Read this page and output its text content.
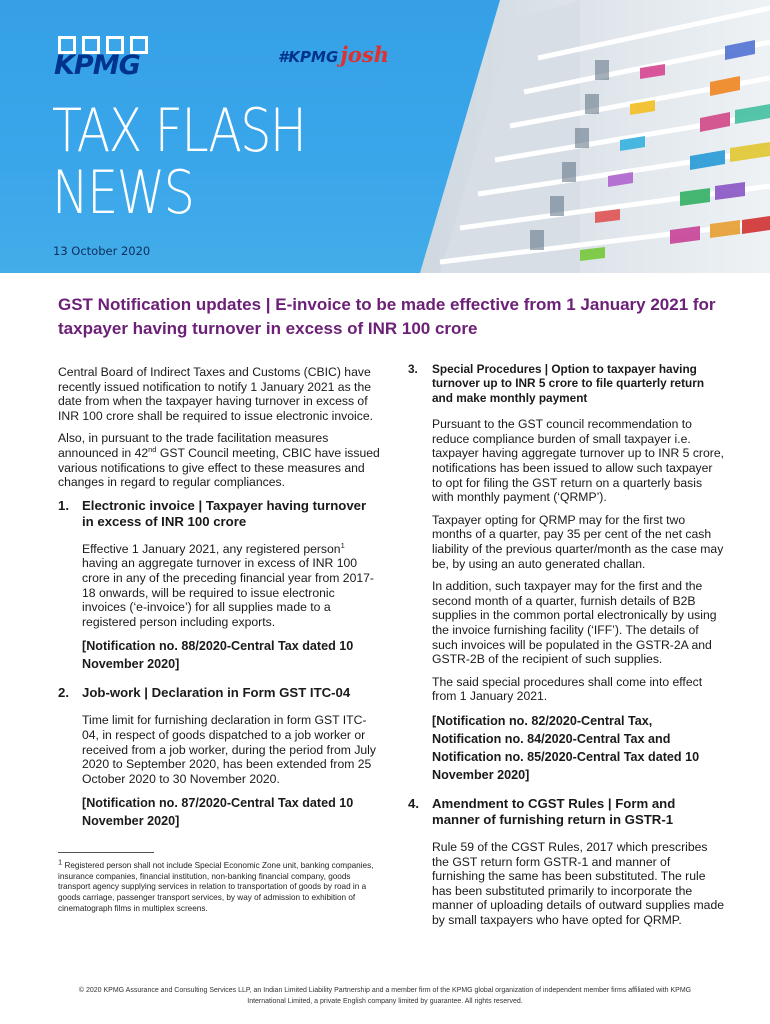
KPMG	#KPMGjosh
TAX FLASH
NEWS
13 October 2020
GST Notification updates | E-invoice to be made effective from 1 January 2021 for taxpayer having turnover in excess of INR 100 crore

Central Board of Indirect Taxes and Customs (CBIC) have recently issued notification to notify 1 January 2021 as the date from when the taxpayer having turnover in excess of INR 100 crore shall be required to issue electronic invoice.

Also, in pursuant to the trade facilitation measures announced in 42nd GST Council meeting, CBIC have issued various notifications to give effect to these measures and changes in regard to regular compliances.

1. Electronic invoice | Taxpayer having turnover in excess of INR 100 crore

Effective 1 January 2021, any registered person$^1$ having an aggregate turnover in excess of INR 100 crore in any of the preceding financial year from 2017-18 onwards, will be required to issue electronic invoices (‘e-invoice’) for all supplies made to a registered person including exports.

[Notification no. 88/2020-Central Tax dated 10 November 2020]

2. Job-work | Declaration in Form GST ITC-04

Time limit for furnishing declaration in form GST ITC-04, in respect of goods dispatched to a job worker or received from a job worker, during the period from July 2020 to September 2020, has been extended from 25 October 2020 to 30 November 2020.

[Notification no. 87/2020-Central Tax dated 10 November 2020]

$^1$ Registered person shall not include Special Economic Zone unit, banking companies, insurance companies, financial institution, non-banking financial company, goods transport agency supplying services in relation to transportation of goods by road in a goods carriage, passenger transport services, by way of admission to exhibition of cinematograph films in multiplex screens.

3.	Special Procedures | Option to taxpayer having turnover up to INR 5 crore to file quarterly return and make monthly payment

Pursuant to the GST council recommendation to reduce compliance burden of small taxpayer i.e. taxpayer having aggregate turnover up to INR 5 crore, notifications has been issued to allow such taxpayer to opt for filing the GST return on a quarterly basis with monthly payment (‘QRMP’).

Taxpayer opting for QRMP may for the first two months of a quarter, pay 35 per cent of the net cash liability of the previous quarter/month as the case may be, by using an auto generated challan.

In addition, such taxpayer may for the first and the second month of a quarter, furnish details of B2B supplies in the common portal electronically by using the invoice furnishing facility (‘IFF’). The details of such invoices will be populated in the GSTR-2A and GSTR-2B of the recipient of such supplies.

The said special procedures shall come into effect from 1 January 2021.

[Notification no. 82/2020-Central Tax, Notification no. 84/2020-Central Tax and Notification no. 85/2020-Central Tax dated 10 November 2020]

4. Amendment to CGST Rules | Form and manner of furnishing return in GSTR-1

Rule 59 of the CGST Rules, 2017 which prescribes the GST return form GSTR-1 and manner of furnishing the same has been substituted. The rule has been substituted primarily to incorporate the manner of uploading details of outward supplies made by small taxpayers who have opted for QRMP.

© 2020 KPMG Assurance and Consulting Services LLP, an Indian Limited Liability Partnership and a member firm of the KPMG global organization of independent member firms affiliated with KPMG
International Limited, a private English company limited by guarantee. All rights reserved.
